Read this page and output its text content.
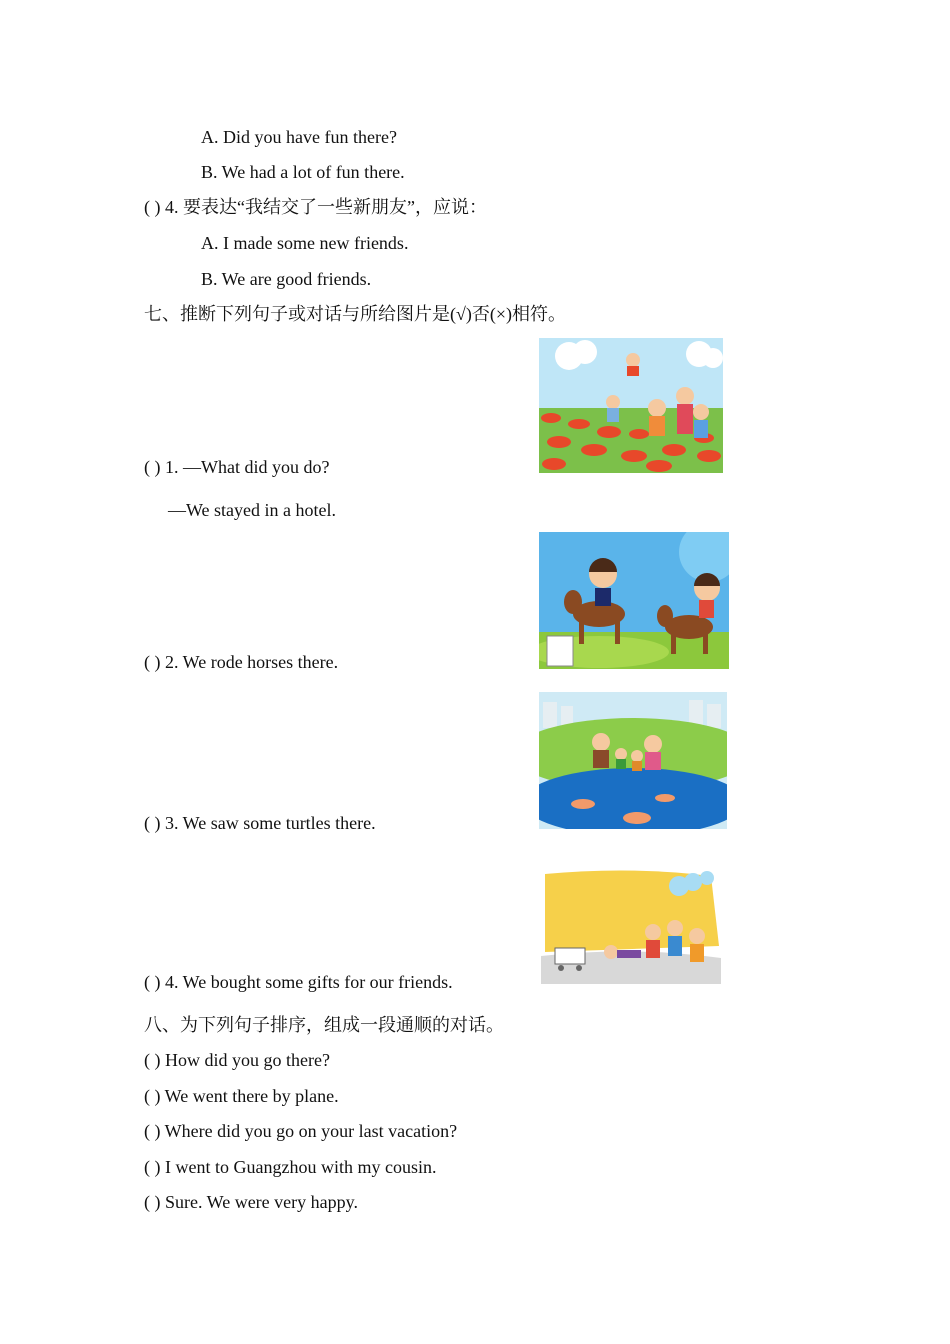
A. Did you have fun there?
B. We had a lot of fun there.
( ) 4. 要表达“我结交了一些新朋友”，应说：
A. I made some new friends.
B. We are good friends.
七、推断下列句子或对话与所给图片是(√)否(×)相符。
( ) 1. —What did you do?
—We stayed in a hotel.
( ) 2. We rode horses there.
( ) 3. We saw some turtles there.
( ) 4. We bought some gifts for our friends.
八、为下列句子排序，组成一段通顺的对话。
( ) How did you go there?
( ) We went there by plane.
( ) Where did you go on your last vacation?
( ) I went to Guangzhou with my cousin.
( ) Sure. We were very happy.
